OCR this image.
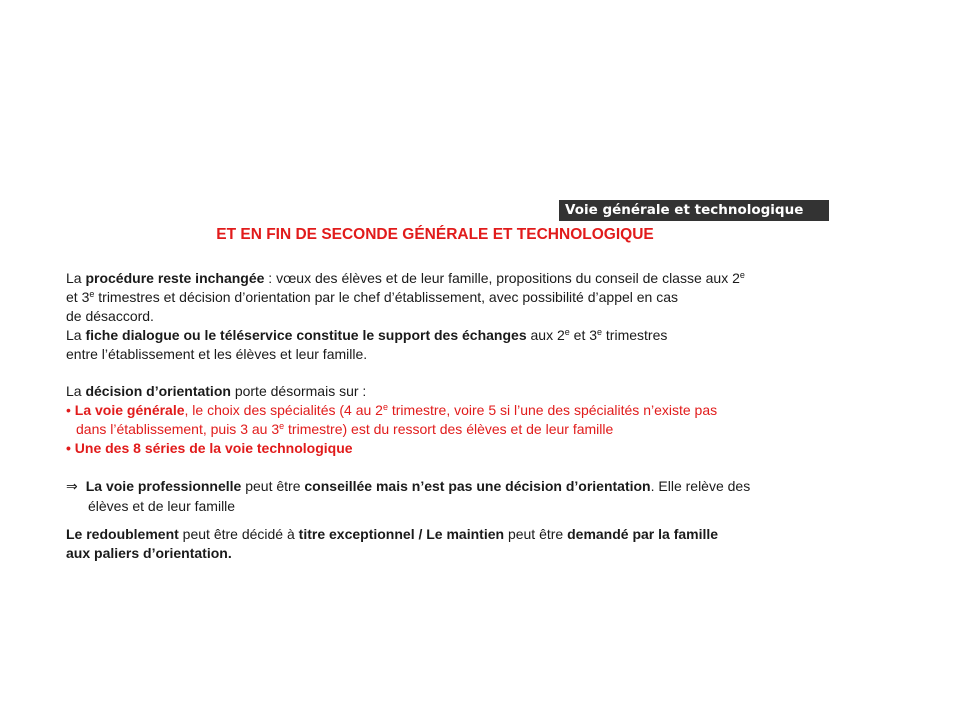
Voie générale et technologique
ET EN FIN DE SECONDE GÉNÉRALE ET TECHNOLOGIQUE
La procédure reste inchangée : vœux des élèves et de leur famille, propositions du conseil de classe aux 2e
et 3e trimestres et décision d’orientation par le chef d’établissement, avec possibilité d’appel en cas
de désaccord.
La fiche dialogue ou le téléservice constitue le support des échanges aux 2e et 3e trimestres
entre l’établissement et les élèves et leur famille.
La décision d’orientation porte désormais sur :
• La voie générale, le choix des spécialités (4 au 2e trimestre, voire 5 si l’une des spécialités n’existe pas
dans l’établissement, puis 3 au 3e trimestre) est du ressort des élèves et de leur famille
• Une des 8 séries de la voie technologique
⇒ La voie professionnelle peut être conseillée mais n’est pas une décision d’orientation. Elle relève des
élèves et de leur famille
Le redoublement peut être décidé à titre exceptionnel / Le maintien peut être demandé par la famille
aux paliers d’orientation.
